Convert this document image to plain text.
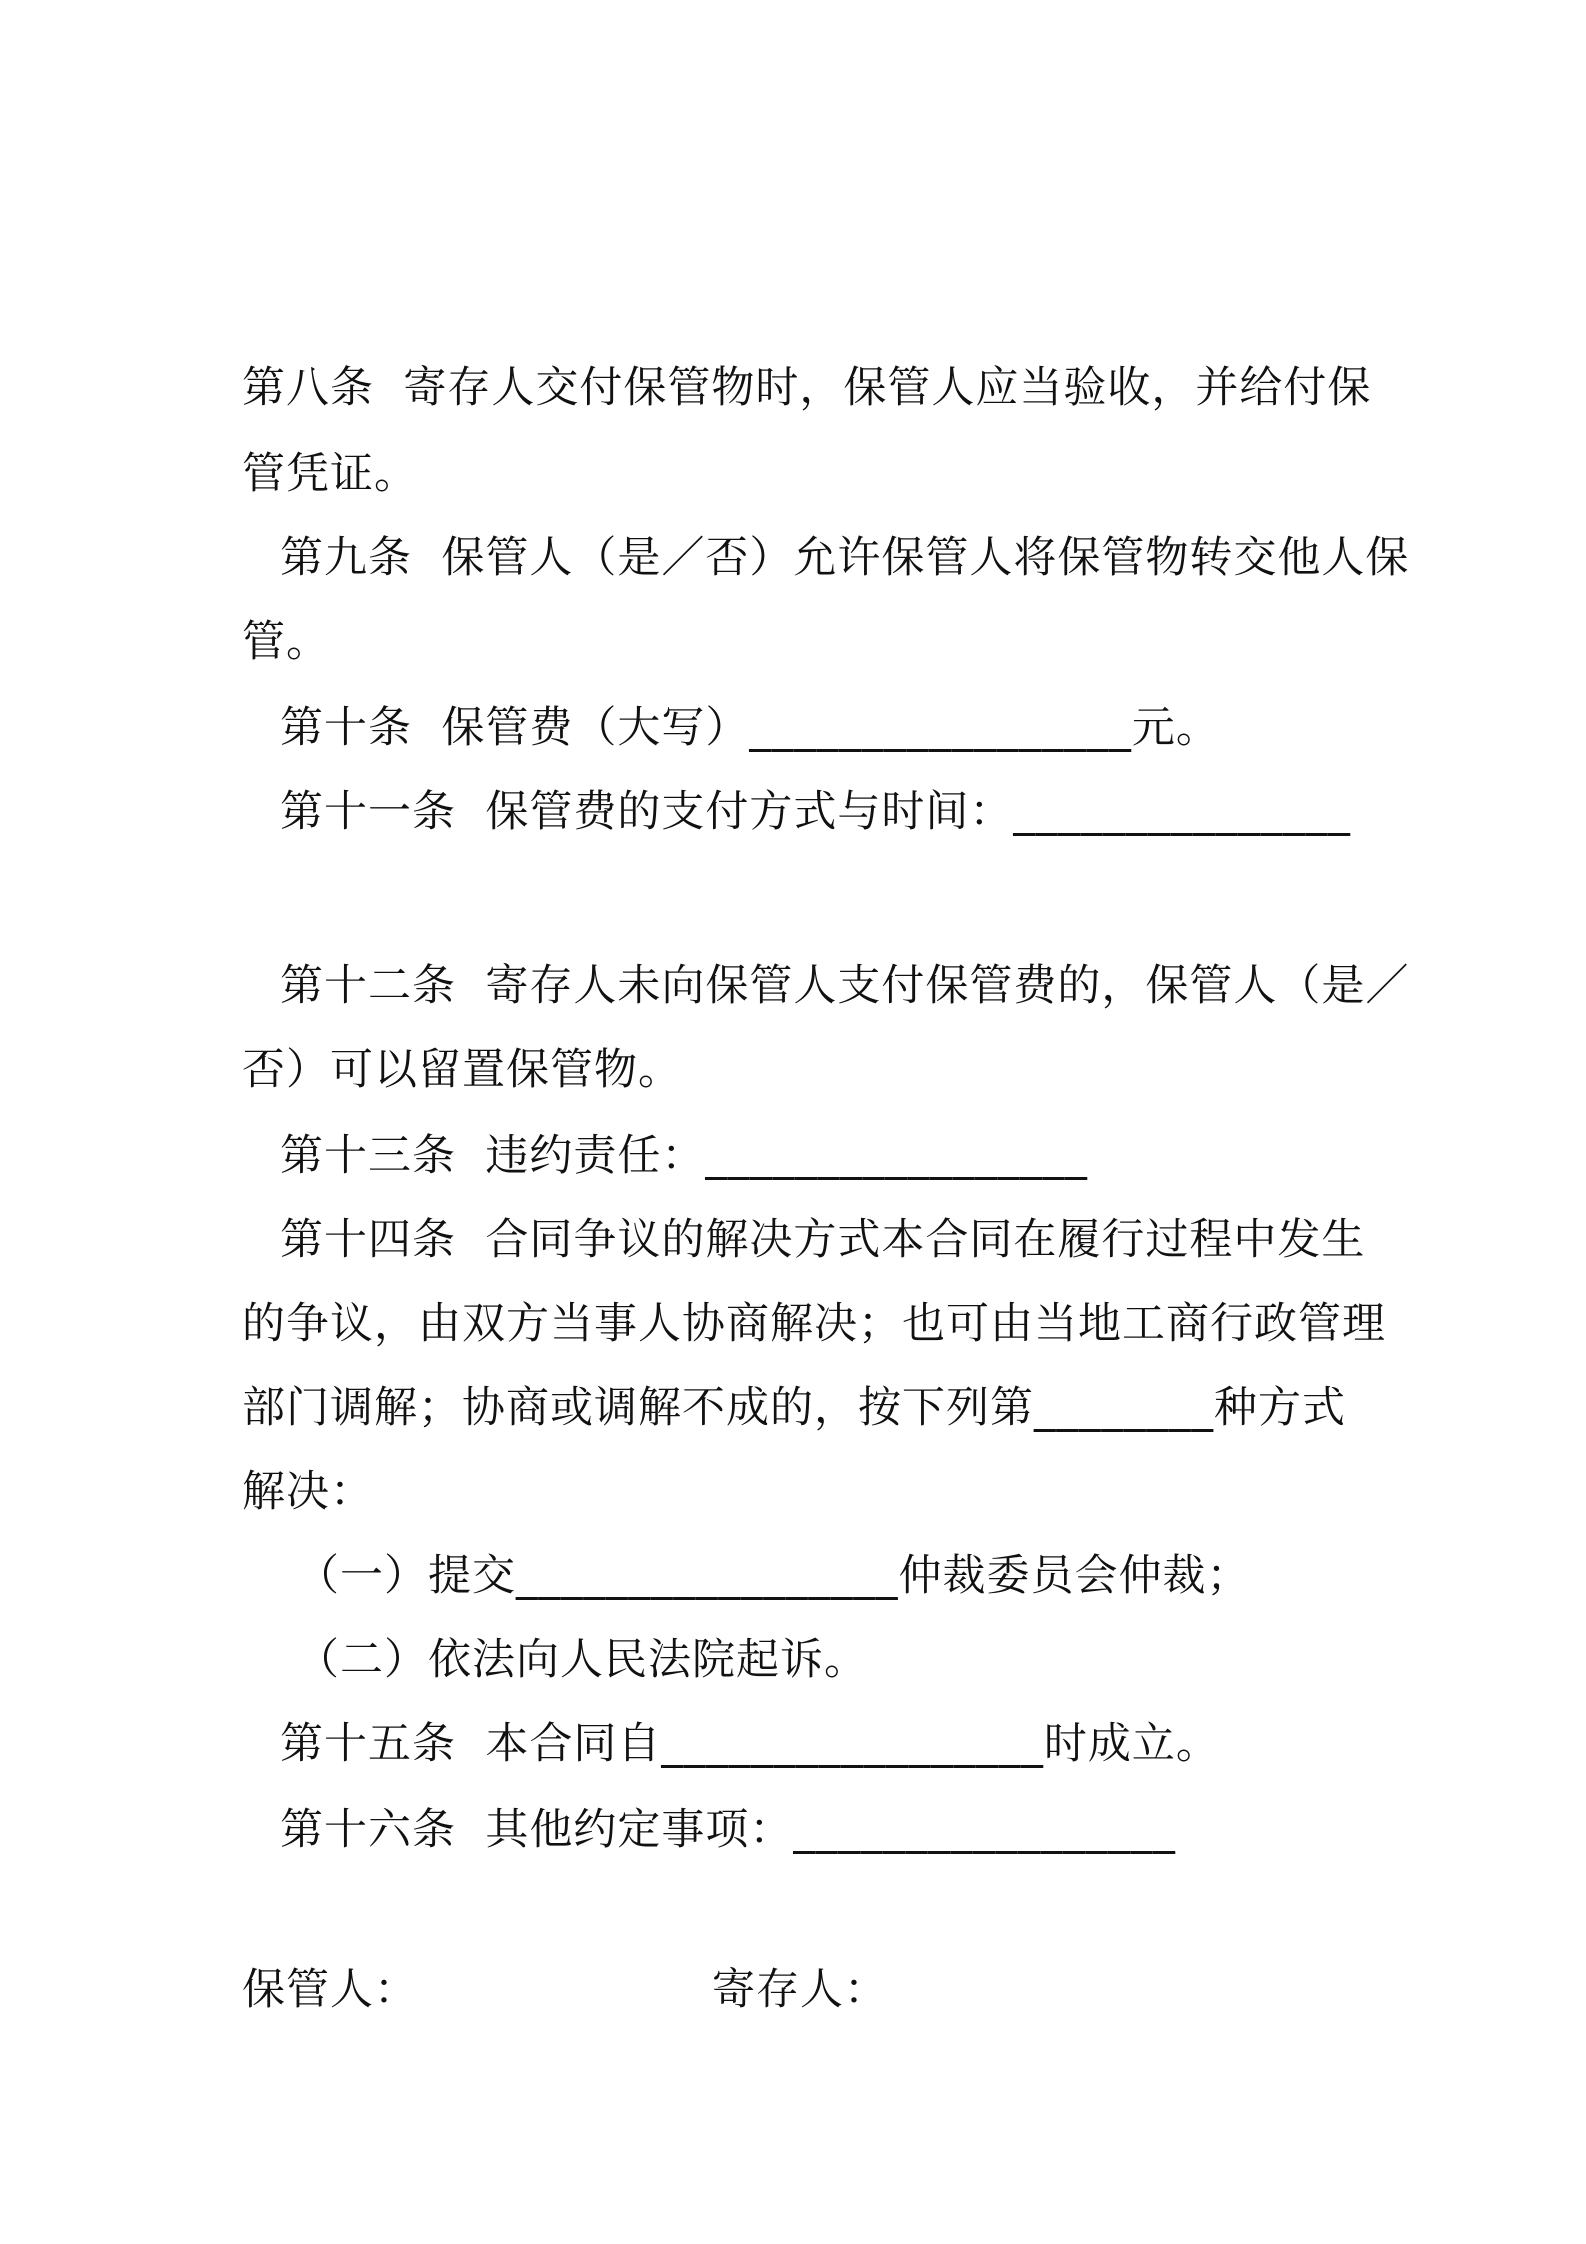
第八条  寄存人交付保管物时，保管人应当验收，并给付保
管凭证。
第九条  保管人（是／否）允许保管人将保管物转交他人保
管。
第十条  保管费（大写）_________________元。
第十一条  保管费的支付方式与时间：_______________
第十二条  寄存人未向保管人支付保管费的，保管人（是／
否）可以留置保管物。
第十三条  违约责任：_________________
第十四条  合同争议的解决方式本合同在履行过程中发生
的争议，由双方当事人协商解决；也可由当地工商行政管理
部门调解；协商或调解不成的，按下列第________种方式
解决：
（一）提交_________________仲裁委员会仲裁；
（二）依法向人民法院起诉。
第十五条  本合同自_________________时成立。
第十六条  其他约定事项：_________________
保管人：	寄存人：
